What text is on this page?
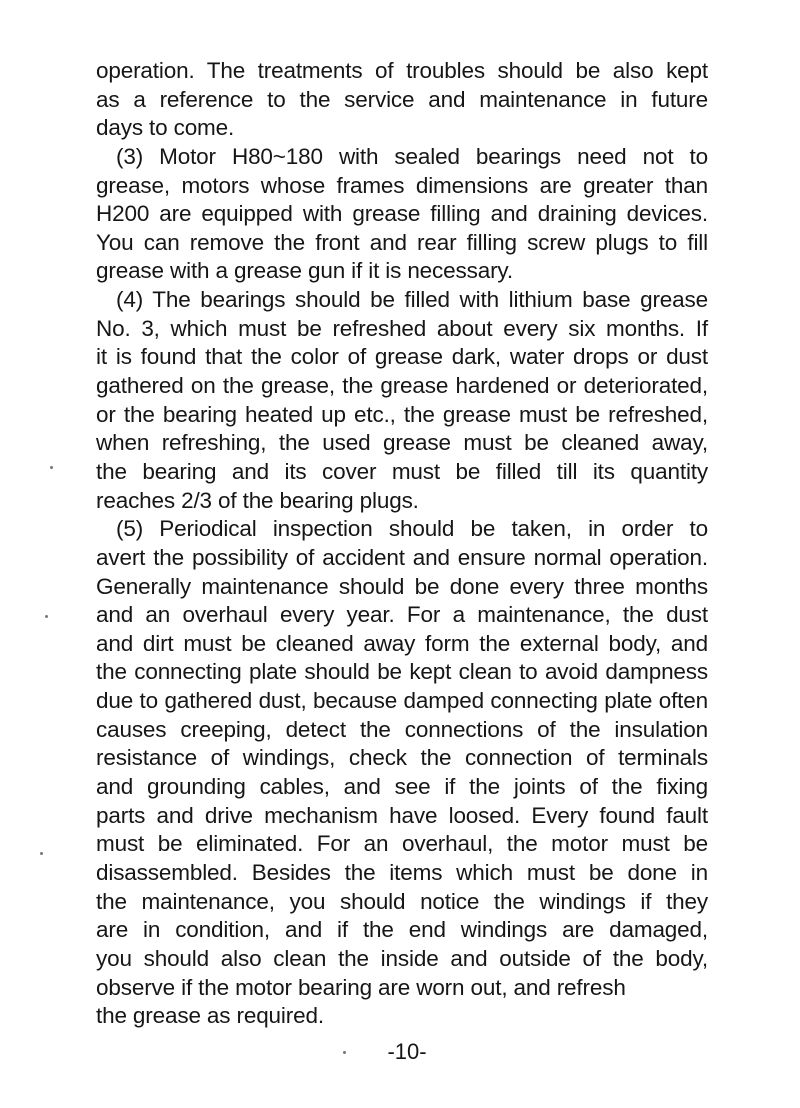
operation. The treatments of troubles should be also kept
as a reference to the service and maintenance in future
days to come.
(3) Motor H80~180 with sealed bearings need not to
grease, motors whose frames dimensions are greater than
H200 are equipped with grease filling and draining devices.
You can remove the front and rear filling screw plugs to fill
grease with a grease gun if it is necessary.
(4) The bearings should be filled with lithium base grease
No. 3, which must be refreshed about every six months. If
it is found that the color of grease dark, water drops or dust
gathered on the grease, the grease hardened or deteriorated,
or the bearing heated up etc., the grease must be refreshed,
when refreshing, the used grease must be cleaned away,
the bearing and its cover must be filled till its quantity
reaches 2/3 of the bearing plugs.
(5) Periodical inspection should be taken, in order to
avert the possibility of accident and ensure normal operation.
Generally maintenance should be done every three months
and an overhaul every year. For a maintenance, the dust
and dirt must be cleaned away form the external body, and
the connecting plate should be kept clean to avoid dampness
due to gathered dust, because damped connecting plate often
causes creeping, detect the connections of the insulation
resistance of windings, check the connection of terminals
and grounding cables, and see if the joints of the fixing
parts and drive mechanism have loosed. Every found fault
must be eliminated. For an overhaul, the motor must be
disassembled. Besides the items which must be done in
the maintenance, you should notice the windings if they
are in condition, and if the end windings are damaged,
you should also clean the inside and outside of the body,
observe if the motor bearing are worn out, and refresh
the grease as required.
-10-
